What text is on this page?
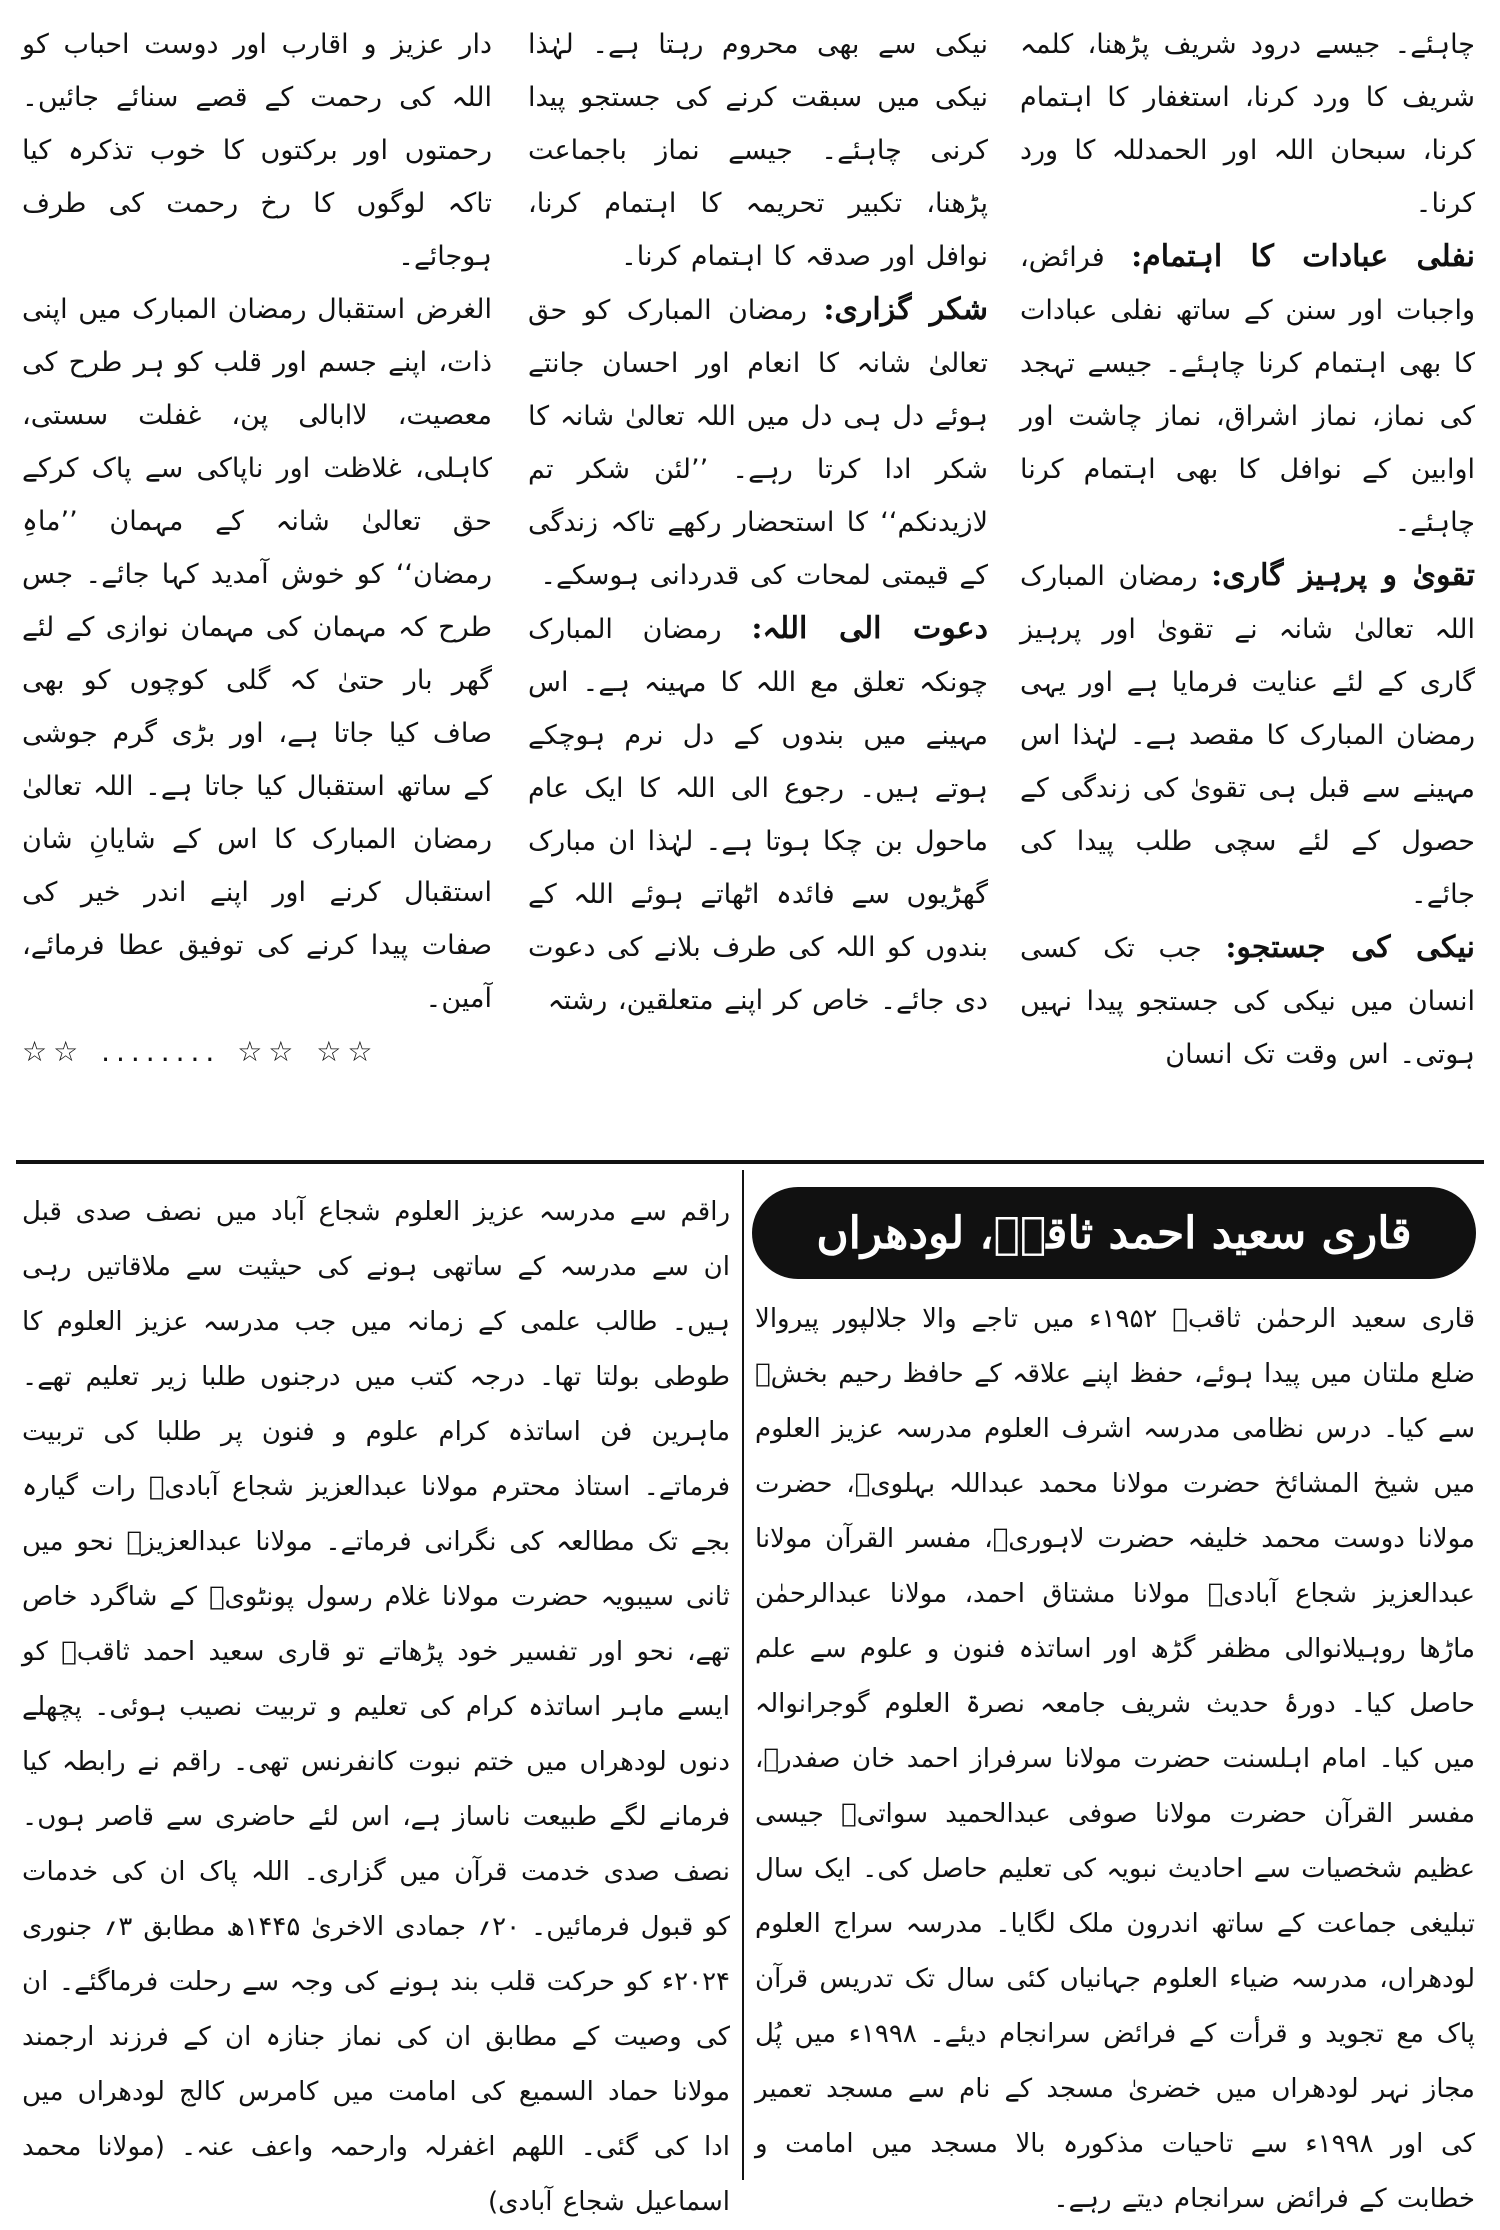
چاہئے۔ جیسے درود شریف پڑھنا، کلمہ شریف کا ورد کرنا، استغفار کا اہتمام کرنا، سبحان اللہ اور الحمدللہ کا ورد کرنا۔

نفلی عبادات کا اہتمام: فرائض، واجبات اور سنن کے ساتھ نفلی عبادات کا بھی اہتمام کرنا چاہئے۔ جیسے تہجد کی نماز، نماز اشراق، نماز چاشت اور اوابین کے نوافل کا بھی اہتمام کرنا چاہئے۔

تقویٰ و پرہیز گاری: رمضان المبارک اللہ تعالیٰ شانہ نے تقویٰ اور پرہیز گاری کے لئے عنایت فرمایا ہے اور یہی رمضان المبارک کا مقصد ہے۔ لہٰذا اس مہینے سے قبل ہی تقویٰ کی زندگی کے حصول کے لئے سچی طلب پیدا کی جائے۔

نیکی کی جستجو: جب تک کسی انسان میں نیکی کی جستجو پیدا نہیں ہوتی۔ اس وقت تک انسان

نیکی سے بھی محروم رہتا ہے۔ لہٰذا نیکی میں سبقت کرنے کی جستجو پیدا کرنی چاہئے۔ جیسے نماز باجماعت پڑھنا، تکبیر تحریمہ کا اہتمام کرنا، نوافل اور صدقہ کا اہتمام کرنا۔

شکر گزاری: رمضان المبارک کو حق تعالیٰ شانہ کا انعام اور احسان جانتے ہوئے دل ہی دل میں اللہ تعالیٰ شانہ کا شکر ادا کرتا رہے۔ ’’لئن شکر تم لازیدنکم‘‘ کا استحضار رکھے تاکہ زندگی کے قیمتی لمحات کی قدردانی ہوسکے۔

دعوت الی اللہ: رمضان المبارک چونکہ تعلق مع اللہ کا مہینہ ہے۔ اس مہینے میں بندوں کے دل نرم ہوچکے ہوتے ہیں۔ رجوع الی اللہ کا ایک عام ماحول بن چکا ہوتا ہے۔ لہٰذا ان مبارک گھڑیوں سے فائدہ اٹھاتے ہوئے اللہ کے بندوں کو اللہ کی طرف بلانے کی دعوت دی جائے۔ خاص کر اپنے متعلقین، رشتہ

دار عزیز و اقارب اور دوست احباب کو اللہ کی رحمت کے قصے سنائے جائیں۔ رحمتوں اور برکتوں کا خوب تذکرہ کیا تاکہ لوگوں کا رخ رحمت کی طرف ہوجائے۔

الغرض استقبال رمضان المبارک میں اپنی ذات، اپنے جسم اور قلب کو ہر طرح کی معصیت، لاابالی پن، غفلت سستی، کاہلی، غلاظت اور ناپاکی سے پاک کرکے حق تعالیٰ شانہ کے مہمان ’’ماہِ رمضان‘‘ کو خوش آمدید کہا جائے۔ جس طرح کہ مہمان کی مہمان نوازی کے لئے گھر بار حتیٰ کہ گلی کوچوں کو بھی صاف کیا جاتا ہے، اور بڑی گرم جوشی کے ساتھ استقبال کیا جاتا ہے۔ اللہ تعالیٰ رمضان المبارک کا اس کے شایانِ شان استقبال کرنے اور اپنے اندر خیر کی صفات پیدا کرنے کی توفیق عطا فرمائے، آمین۔

☆☆ ........ ☆☆ ☆☆

قاری سعید احمد ثاقبؒ، لودھراں

قاری سعید الرحمٰن ثاقبؒ ۱۹۵۲ء میں تاجے والا جلالپور پیروالا ضلع ملتان میں پیدا ہوئے، حفظ اپنے علاقہ کے حافظ رحیم بخشؒ سے کیا۔ درس نظامی مدرسہ اشرف العلوم مدرسہ عزیز العلوم میں شیخ المشائخ حضرت مولانا محمد عبداللہ بہلویؒ، حضرت مولانا دوست محمد خلیفہ حضرت لاہوریؒ، مفسر القرآن مولانا عبدالعزیز شجاع آبادیؒ مولانا مشتاق احمد، مولانا عبدالرحمٰن ماڑھا روہیلانوالی مظفر گڑھ اور اساتذہ فنون و علوم سے علم حاصل کیا۔ دورۂ حدیث شریف جامعہ نصرۃ العلوم گوجرانوالہ میں کیا۔ امام اہلسنت حضرت مولانا سرفراز احمد خان صفدرؒ، مفسر القرآن حضرت مولانا صوفی عبدالحمید سواتیؒ جیسی عظیم شخصیات سے احادیث نبویہ کی تعلیم حاصل کی۔ ایک سال تبلیغی جماعت کے ساتھ اندرون ملک لگایا۔ مدرسہ سراج العلوم لودھراں، مدرسہ ضیاء العلوم جہانیاں کئی سال تک تدریس قرآن پاک مع تجوید و قرأت کے فرائض سرانجام دیئے۔ ۱۹۹۸ء میں پُل مجاز نہر لودھراں میں خضریٰ مسجد کے نام سے مسجد تعمیر کی اور ۱۹۹۸ء سے تاحیات مذکورہ بالا مسجد میں امامت و خطابت کے فرائض سرانجام دیتے رہے۔

راقم سے مدرسہ عزیز العلوم شجاع آباد میں نصف صدی قبل ان سے مدرسہ کے ساتھی ہونے کی حیثیت سے ملاقاتیں رہی ہیں۔ طالب علمی کے زمانہ میں جب مدرسہ عزیز العلوم کا طوطی بولتا تھا۔ درجہ کتب میں درجنوں طلبا زیر تعلیم تھے۔ ماہرین فن اساتذہ کرام علوم و فنون پر طلبا کی تربیت فرماتے۔ استاذ محترم مولانا عبدالعزیز شجاع آبادیؒ رات گیارہ بجے تک مطالعہ کی نگرانی فرماتے۔ مولانا عبدالعزیزؒ نحو میں ثانی سیبویہ حضرت مولانا غلام رسول پونٹویؒ کے شاگرد خاص تھے، نحو اور تفسیر خود پڑھاتے تو قاری سعید احمد ثاقبؒ کو ایسے ماہر اساتذہ کرام کی تعلیم و تربیت نصیب ہوئی۔ پچھلے دنوں لودھراں میں ختم نبوت کانفرنس تھی۔ راقم نے رابطہ کیا فرمانے لگے طبیعت ناساز ہے، اس لئے حاضری سے قاصر ہوں۔ نصف صدی خدمت قرآن میں گزاری۔ اللہ پاک ان کی خدمات کو قبول فرمائیں۔ ۲۰؍ جمادی الاخریٰ ۱۴۴۵ھ مطابق ۳؍ جنوری ۲۰۲۴ء کو حرکت قلب بند ہونے کی وجہ سے رحلت فرماگئے۔ ان کی وصیت کے مطابق ان کی نماز جنازہ ان کے فرزند ارجمند مولانا حماد السمیع کی امامت میں کامرس کالج لودھراں میں ادا کی گئی۔ اللھم اغفرلہ وارحمہ واعف عنہ۔ (مولانا محمد اسماعیل شجاع آبادی)
